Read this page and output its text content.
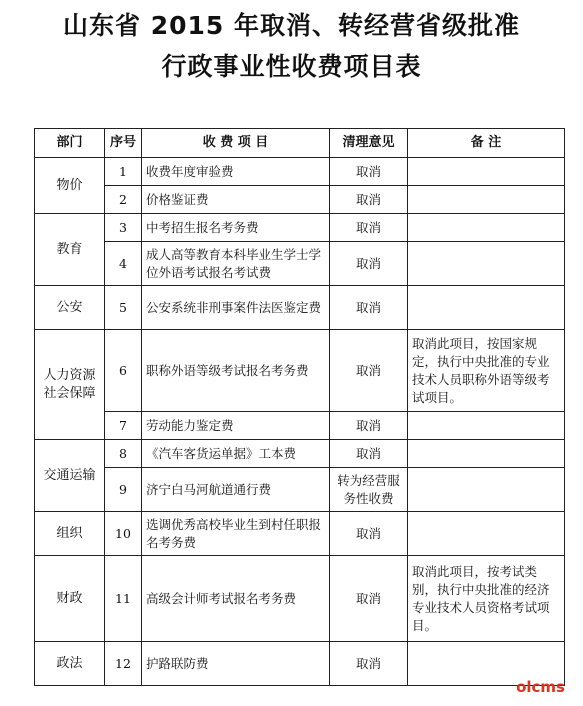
山东省 2015 年取消、转经营省级批准
行政事业性收费项目表
部门	序号	收 费 项 目	清理意见	备 注
物价	1	收费年度审验费	取消	
	2	价格鉴证费	取消	
教育	3	中考招生报名考务费	取消	
	4	成人高等教育本科毕业生学士学位外语考试报名考试费	取消	
公安	5	公安系统非刑事案件法医鉴定费	取消	
人力资源社会保障	6	职称外语等级考试报名考务费	取消	取消此项目，按国家规定，执行中央批准的专业技术人员职称外语等级考试项目。
	7	劳动能力鉴定费	取消	
交通运输	8	《汽车客货运单据》工本费	取消	
	9	济宁白马河航道通行费	转为经营服务性收费	
组织	10	选调优秀高校毕业生到村任职报名考务费	取消	
财政	11	高级会计师考试报名考务费	取消	取消此项目，按考试类别，执行中央批准的经济专业技术人员资格考试项目。
政法	12	护路联防费	取消	
olcms
